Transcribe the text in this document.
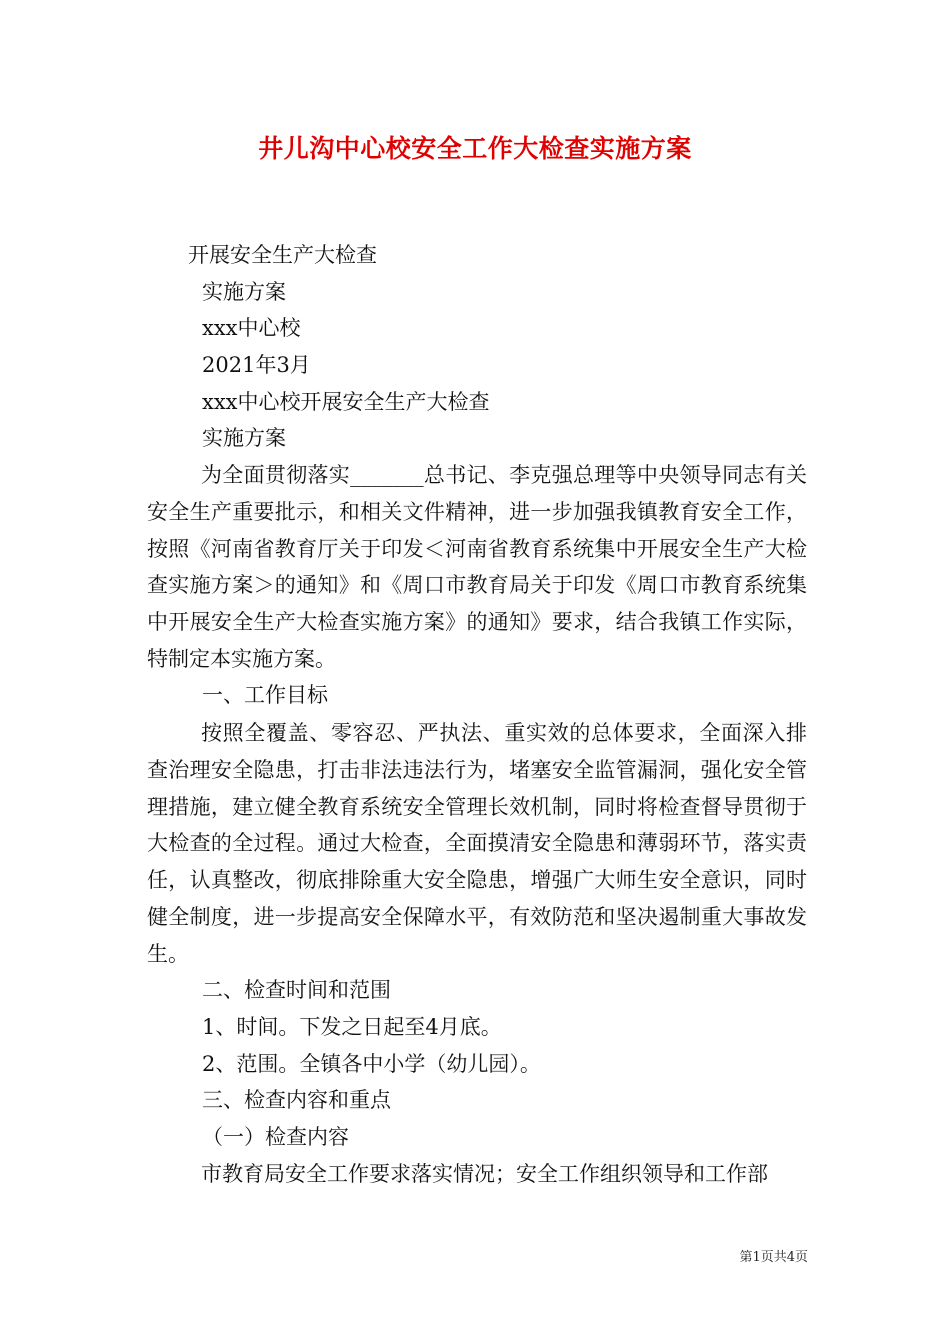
井儿沟中心校安全工作大检查实施方案

开展安全生产大检查

实施方案

xxx中心校

2021年3月

xxx中心校开展安全生产大检查

实施方案

为全面贯彻落实_______总书记、李克强总理等中央领导同志有关安全生产重要批示，和相关文件精神，进一步加强我镇教育安全工作，按照《河南省教育厅关于印发＜河南省教育系统集中开展安全生产大检查实施方案＞的通知》和《周口市教育局关于印发《周口市教育系统集中开展安全生产大检查实施方案》的通知》要求，结合我镇工作实际，特制定本实施方案。

一、工作目标

按照全覆盖、零容忍、严执法、重实效的总体要求，全面深入排查治理安全隐患，打击非法违法行为，堵塞安全监管漏洞，强化安全管理措施，建立健全教育系统安全管理长效机制，同时将检查督导贯彻于大检查的全过程。通过大检查，全面摸清安全隐患和薄弱环节，落实责任，认真整改，彻底排除重大安全隐患，增强广大师生安全意识，同时健全制度，进一步提高安全保障水平，有效防范和坚决遏制重大事故发生。

二、检查时间和范围

1、时间。下发之日起至4月底。

2、范围。全镇各中小学（幼儿园）。

三、检查内容和重点

（一）检查内容

市教育局安全工作要求落实情况；安全工作组织领导和工作部

第1页共4页
